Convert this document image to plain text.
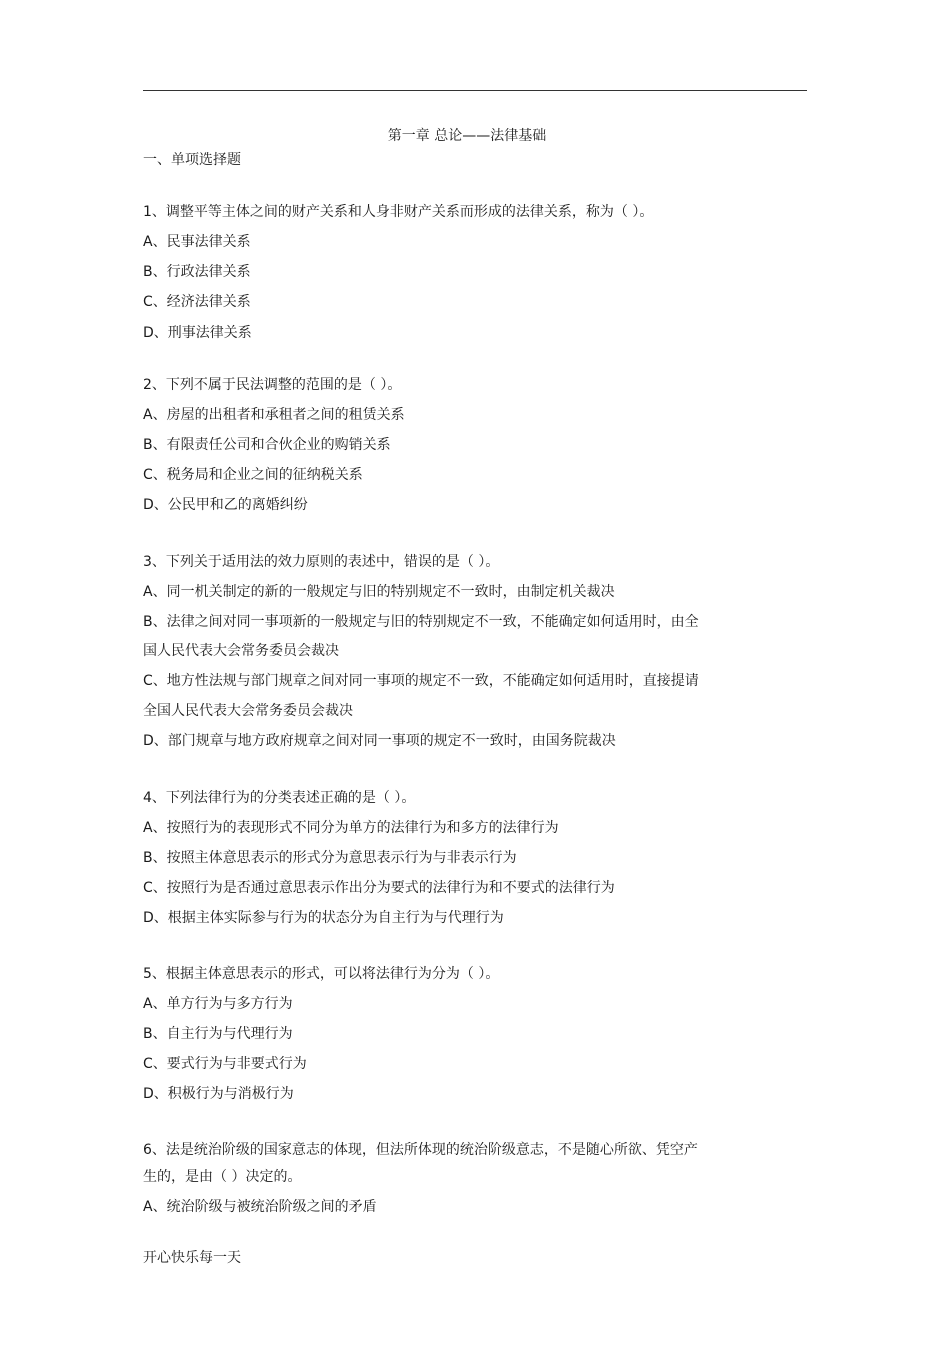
第一章 总论——法律基础
一、单项选择题
1、调整平等主体之间的财产关系和人身非财产关系而形成的法律关系，称为（ ）。
A、民事法律关系
B、行政法律关系
C、经济法律关系
D、刑事法律关系
2、下列不属于民法调整的范围的是（ ）。
A、房屋的出租者和承租者之间的租赁关系
B、有限责任公司和合伙企业的购销关系
C、税务局和企业之间的征纳税关系
D、公民甲和乙的离婚纠纷
3、下列关于适用法的效力原则的表述中，错误的是（ ）。
A、同一机关制定的新的一般规定与旧的特别规定不一致时，由制定机关裁决
B、法律之间对同一事项新的一般规定与旧的特别规定不一致，不能确定如何适用时，由全
国人民代表大会常务委员会裁决
C、地方性法规与部门规章之间对同一事项的规定不一致，不能确定如何适用时，直接提请
全国人民代表大会常务委员会裁决
D、部门规章与地方政府规章之间对同一事项的规定不一致时，由国务院裁决
4、下列法律行为的分类表述正确的是（ ）。
A、按照行为的表现形式不同分为单方的法律行为和多方的法律行为
B、按照主体意思表示的形式分为意思表示行为与非表示行为
C、按照行为是否通过意思表示作出分为要式的法律行为和不要式的法律行为
D、根据主体实际参与行为的状态分为自主行为与代理行为
5、根据主体意思表示的形式，可以将法律行为分为（ ）。
A、单方行为与多方行为
B、自主行为与代理行为
C、要式行为与非要式行为
D、积极行为与消极行为
6、法是统治阶级的国家意志的体现，但法所体现的统治阶级意志，不是随心所欲、凭空产
生的，是由（ ）决定的。
A、统治阶级与被统治阶级之间的矛盾
开心快乐每一天
